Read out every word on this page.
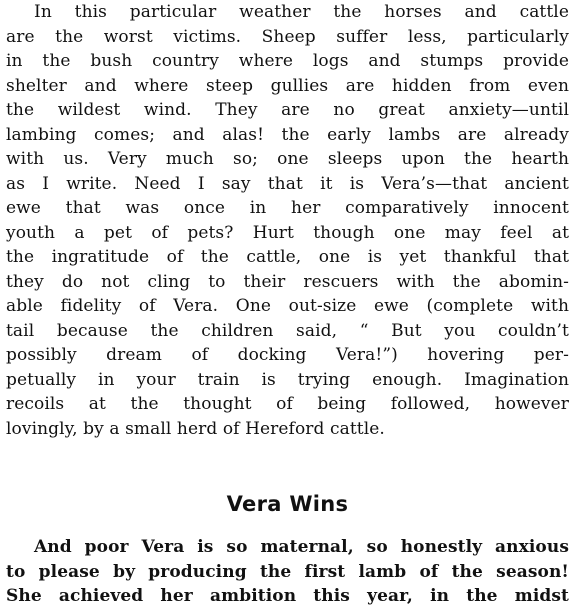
In this particular weather the horses and cattle
are the worst victims. Sheep suffer less, particularly
in the bush country where logs and stumps provide
shelter and where steep gullies are hidden from even
the wildest wind. They are no great anxiety—until
lambing comes; and alas! the early lambs are already
with us. Very much so; one sleeps upon the hearth
as I write. Need I say that it is Vera’s—that ancient
ewe that was once in her comparatively innocent
youth a pet of pets? Hurt though one may feel at
the ingratitude of the cattle, one is yet thankful that
they do not cling to their rescuers with the abomin-
able fidelity of Vera. One out-size ewe (complete with
tail because the children said, “ But you couldn’t
possibly dream of docking Vera!”) hovering per-
petually in your train is trying enough. Imagination
recoils at the thought of being followed, however
lovingly, by a small herd of Hereford cattle.
Vera Wins
And poor Vera is so maternal, so honestly anxious
to please by producing the first lamb of the season!
She achieved her ambition this year, in the midst
